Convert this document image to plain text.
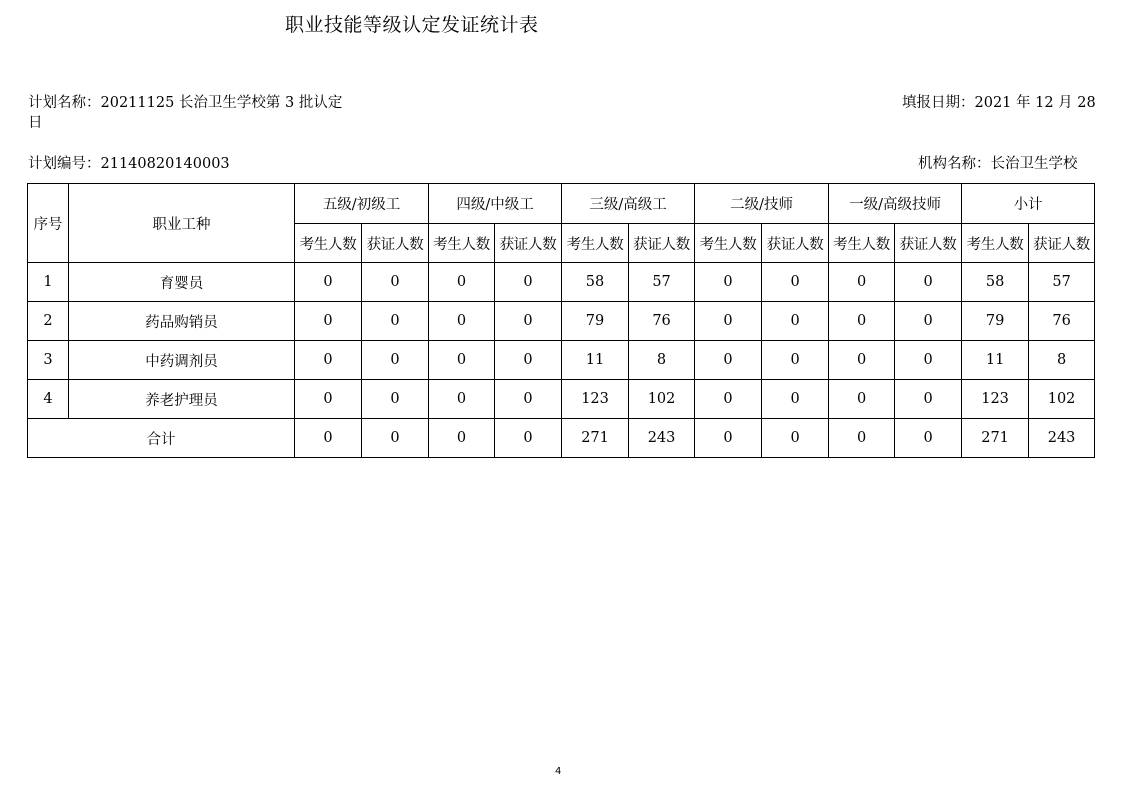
职业技能等级认定发证统计表
计划名称：20211125 长治卫生学校第 3 批认定
日
填报日期：2021 年 12 月 28
计划编号：21140820140003	机构名称：长治卫生学校
序号	职业工种	五级/初级工		四级/中级工		三级/高级工		二级/技师		一级/高级技师		小计	
		考生人数	获证人数	考生人数	获证人数	考生人数	获证人数	考生人数	获证人数	考生人数	获证人数	考生人数	获证人数
1	育婴员	0	0	0	0	58	57	0	0	0	0	58	57
2	药品购销员	0	0	0	0	79	76	0	0	0	0	79	76
3	中药调剂员	0	0	0	0	11	8	0	0	0	0	11	8
4	养老护理员	0	0	0	0	123	102	0	0	0	0	123	102
合计		0	0	0	0	271	243	0	0	0	0	271	243
4
